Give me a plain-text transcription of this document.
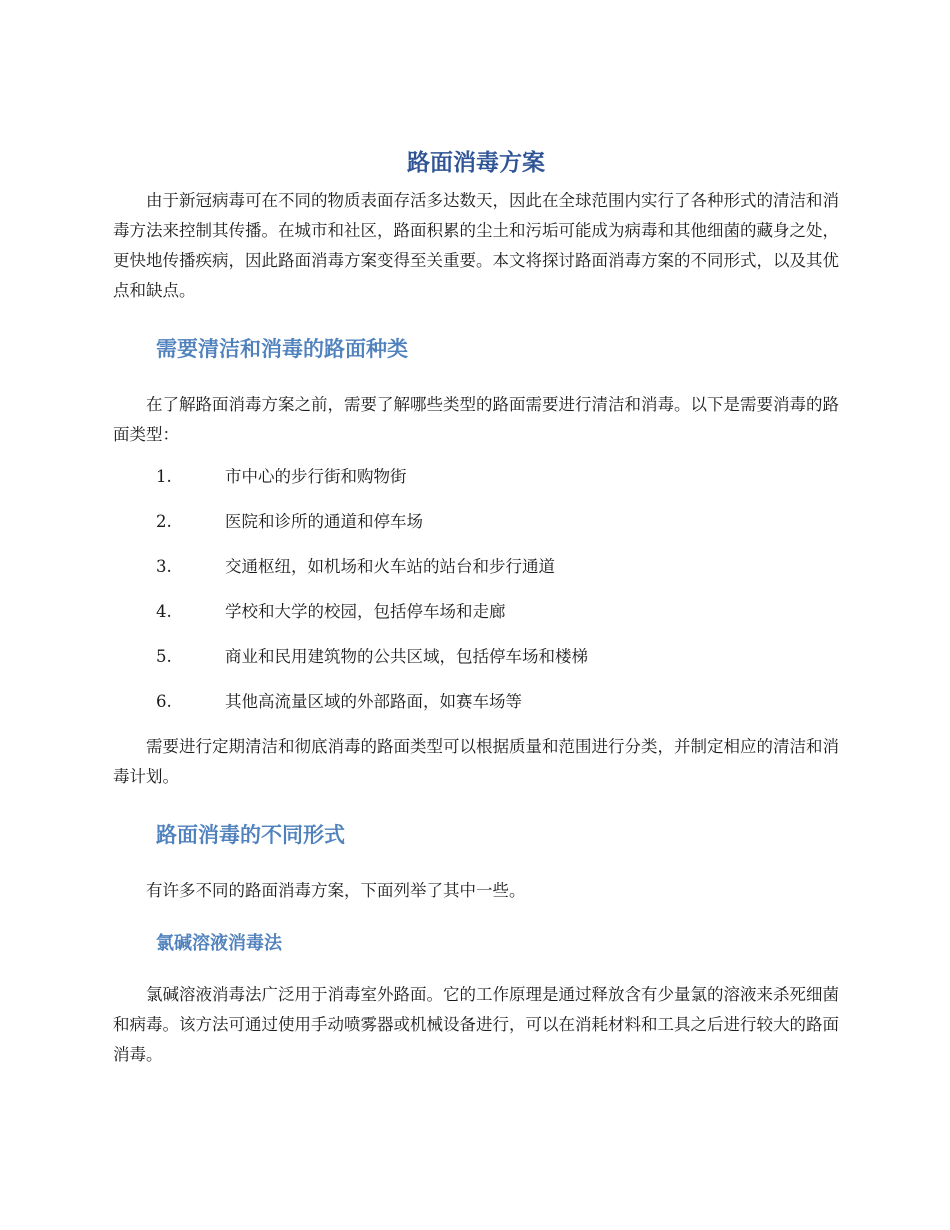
路面消毒方案

由于新冠病毒可在不同的物质表面存活多达数天，因此在全球范围内实行了各种形式的清洁和消毒方法来控制其传播。在城市和社区，路面积累的尘土和污垢可能成为病毒和其他细菌的藏身之处，更快地传播疾病，因此路面消毒方案变得至关重要。本文将探讨路面消毒方案的不同形式，以及其优点和缺点。

需要清洁和消毒的路面种类

在了解路面消毒方案之前，需要了解哪些类型的路面需要进行清洁和消毒。以下是需要消毒的路面类型：

1.	市中心的步行街和购物街
2.	医院和诊所的通道和停车场
3.	交通枢纽，如机场和火车站的站台和步行通道
4.	学校和大学的校园，包括停车场和走廊
5.	商业和民用建筑物的公共区域，包括停车场和楼梯
6.	其他高流量区域的外部路面，如赛车场等

需要进行定期清洁和彻底消毒的路面类型可以根据质量和范围进行分类，并制定相应的清洁和消毒计划。

路面消毒的不同形式

有许多不同的路面消毒方案，下面列举了其中一些。

氯碱溶液消毒法

氯碱溶液消毒法广泛用于消毒室外路面。它的工作原理是通过释放含有少量氯的溶液来杀死细菌和病毒。该方法可通过使用手动喷雾器或机械设备进行，可以在消耗材料和工具之后进行较大的路面消毒。
